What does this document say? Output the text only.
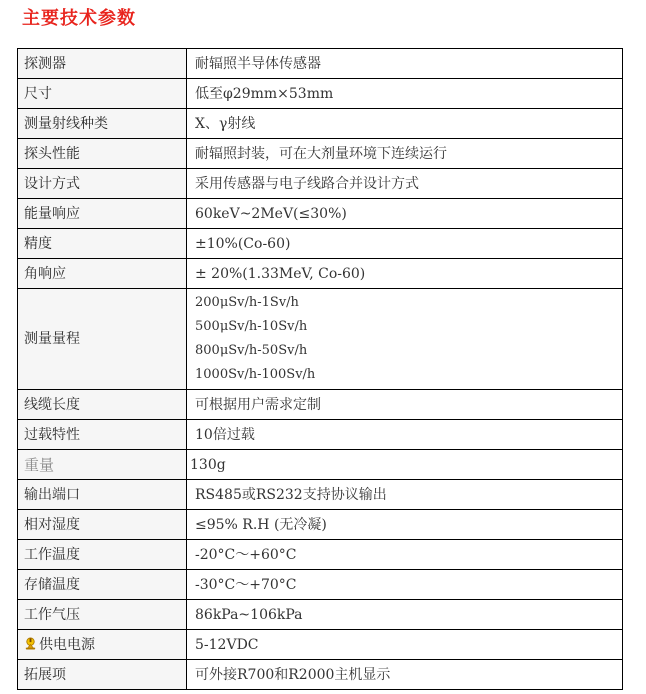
主要技术参数
探测器	耐辐照半导体传感器
尺寸	低至φ29mm×53mm
测量射线种类	X、γ射线
探头性能	耐辐照封装，可在大剂量环境下连续运行
设计方式	采用传感器与电子线路合并设计方式
能量响应	60keV~2MeV(≤30%)
精度	±10%(Co-60)
角响应	± 20%(1.33MeV, Co-60)
测量量程	200μSv/h-1Sv/h
500μSv/h-10Sv/h
800μSv/h-50Sv/h
1000Sv/h-100Sv/h

线缆长度	可根据用户需求定制
过载特性	10倍过载
重量	130g
输出端口	RS485或RS232支持协议输出
相对湿度	≤95% R.H (无冷凝)
工作温度	-20°C～+60°C
存储温度	-30°C～+70°C
工作气压	86kPa~106kPa
供电电源	5-12VDC
拓展项	可外接R700和R2000主机显示
